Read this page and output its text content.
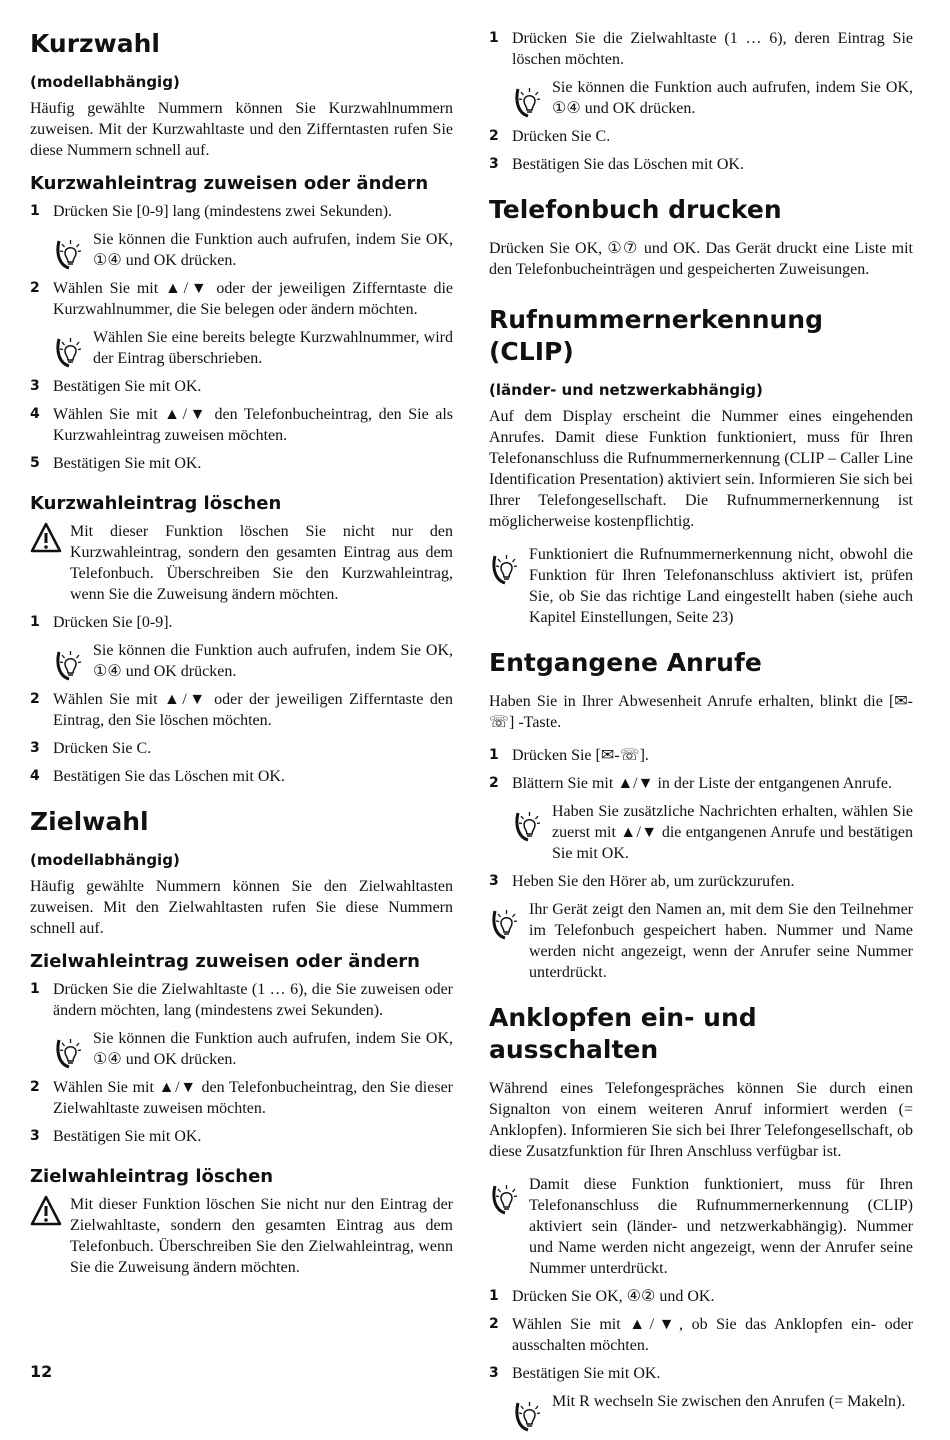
Kurzwahl
(modellabhängig)

Häufig gewählte Nummern können Sie Kurzwahlnummern zuweisen. Mit der Kurzwahltaste und den Zifferntasten rufen Sie diese Nummern schnell auf.

Kurzwahleintrag zuweisen oder ändern
1 Drücken Sie [0-9] lang (mindestens zwei Sekunden).
Sie können die Funktion auch aufrufen, indem Sie OK, ①④ und OK drücken.
2 Wählen Sie mit ▲/▼ oder der jeweiligen Zifferntaste die Kurzwahlnummer, die Sie belegen oder ändern möchten.
Wählen Sie eine bereits belegte Kurzwahlnummer, wird der Eintrag überschrieben.
3 Bestätigen Sie mit OK.
4 Wählen Sie mit ▲/▼ den Telefonbucheintrag, den Sie als Kurzwahleintrag zuweisen möchten.
5 Bestätigen Sie mit OK.
Kurzwahleintrag löschen
Mit dieser Funktion löschen Sie nicht nur den Kurzwahleintrag, sondern den gesamten Eintrag aus dem Telefonbuch. Überschreiben Sie den Kurzwahleintrag, wenn Sie die Zuweisung ändern möchten.
1 Drücken Sie [0-9].
Sie können die Funktion auch aufrufen, indem Sie OK, ①④ und OK drücken.
2 Wählen Sie mit ▲/▼ oder der jeweiligen Zifferntaste den Eintrag, den Sie löschen möchten.
3 Drücken Sie C.
4 Bestätigen Sie das Löschen mit OK.
Zielwahl
(modellabhängig)

Häufig gewählte Nummern können Sie den Zielwahltasten zuweisen. Mit den Zielwahltasten rufen Sie diese Nummern schnell auf.

Zielwahleintrag zuweisen oder ändern
1 Drücken Sie die Zielwahltaste (1 … 6), die Sie zuweisen oder ändern möchten, lang (mindestens zwei Sekunden).
Sie können die Funktion auch aufrufen, indem Sie OK, ①④ und OK drücken.
2 Wählen Sie mit ▲/▼ den Telefonbucheintrag, den Sie dieser Zielwahltaste zuweisen möchten.
3 Bestätigen Sie mit OK.
Zielwahleintrag löschen
Mit dieser Funktion löschen Sie nicht nur den Eintrag der Zielwahltaste, sondern den gesamten Eintrag aus dem Telefonbuch. Überschreiben Sie den Zielwahleintrag, wenn Sie die Zuweisung ändern möchten.
1 Drücken Sie die Zielwahltaste (1 … 6), deren Eintrag Sie löschen möchten.
Sie können die Funktion auch aufrufen, indem Sie OK, ①④ und OK drücken.
2 Drücken Sie C.
3 Bestätigen Sie das Löschen mit OK.
Telefonbuch drucken

Drücken Sie OK, ①⑦ und OK. Das Gerät druckt eine Liste mit den Telefonbucheinträgen und gespeicherten Zuweisungen.

Rufnummernerkennung (CLIP)
(länder- und netzwerkabhängig)

Auf dem Display erscheint die Nummer eines eingehenden Anrufes. Damit diese Funktion funktioniert, muss für Ihren Telefonanschluss die Rufnummernerkennung (CLIP – Caller Line Identification Presentation) aktiviert sein. Informieren Sie sich bei Ihrer Telefongesellschaft. Die Rufnummernerkennung ist möglicherweise kostenpflichtig.

Funktioniert die Rufnummernerkennung nicht, obwohl die Funktion für Ihren Telefonanschluss aktiviert ist, prüfen Sie, ob Sie das richtige Land eingestellt haben (siehe auch Kapitel Einstellungen, Seite 23)
Entgangene Anrufe

Haben Sie in Ihrer Abwesenheit Anrufe erhalten, blinkt die [✉-☏] -Taste.

1 Drücken Sie [✉-☏].
2 Blättern Sie mit ▲/▼ in der Liste der entgangenen Anrufe.
Haben Sie zusätzliche Nachrichten erhalten, wählen Sie zuerst mit ▲/▼ die entgangenen Anrufe und bestätigen Sie mit OK.
3 Heben Sie den Hörer ab, um zurückzurufen.
Ihr Gerät zeigt den Namen an, mit dem Sie den Teilnehmer im Telefonbuch gespeichert haben. Nummer und Name werden nicht angezeigt, wenn der Anrufer seine Nummer unterdrückt.
Anklopfen ein- und ausschalten

Während eines Telefongespräches können Sie durch einen Signalton von einem weiteren Anruf informiert werden (= Anklopfen). Informieren Sie sich bei Ihrer Telefongesellschaft, ob diese Zusatzfunktion für Ihren Anschluss verfügbar ist.

Damit diese Funktion funktioniert, muss für Ihren Telefonanschluss die Rufnummernerkennung (CLIP) aktiviert sein (länder- und netzwerkabhängig). Nummer und Name werden nicht angezeigt, wenn der Anrufer seine Nummer unterdrückt.
1 Drücken Sie OK, ④② und OK.
2 Wählen Sie mit ▲/▼, ob Sie das Anklopfen ein- oder ausschalten möchten.
3 Bestätigen Sie mit OK.
Mit R wechseln Sie zwischen den Anrufen (= Makeln).
12
